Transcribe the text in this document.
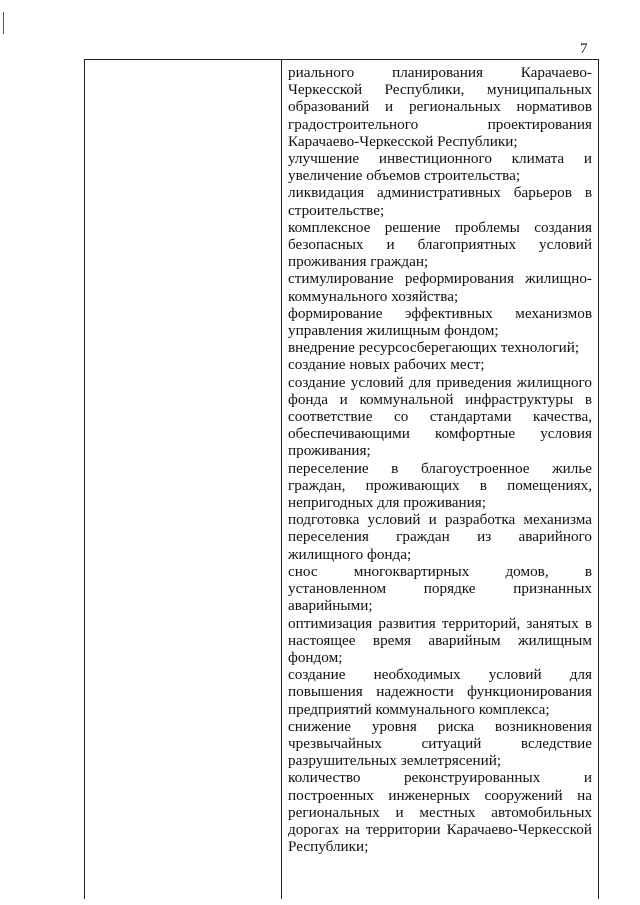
7

риального планирования Карачаево-Черкесской Республики, муниципальных образований и региональных нормативов градостроительного проектирования Карачаево-Черкесской Республики;

улучшение инвестиционного климата и увеличение объемов строительства;

ликвидация административных барьеров в строительстве;

комплексное решение проблемы создания безопасных и благоприятных условий проживания граждан;

стимулирование реформирования жилищно-коммунального хозяйства;

формирование эффективных механизмов управления жилищным фондом;

внедрение ресурсосберегающих технологий;

создание новых рабочих мест;

создание условий для приведения жилищного фонда и коммунальной инфраструктуры в соответствие со стандартами качества, обеспечивающими комфортные условия проживания;

переселение в благоустроенное жилье граждан, проживающих в помещениях, непригодных для проживания;

подготовка условий и разработка механизма переселения граждан из аварийного жилищного фонда;

снос многоквартирных домов, в установленном порядке признанных аварийными;

оптимизация развития территорий, занятых в настоящее время аварийным жилищным фондом;

создание необходимых условий для повышения надежности функционирования предприятий коммунального комплекса;

снижение уровня риска возникновения чрезвычайных ситуаций вследствие разрушительных землетрясений;

количество реконструированных и построенных инженерных сооружений на региональных и местных автомобильных дорогах на территории Карачаево-Черкесской Республики;
